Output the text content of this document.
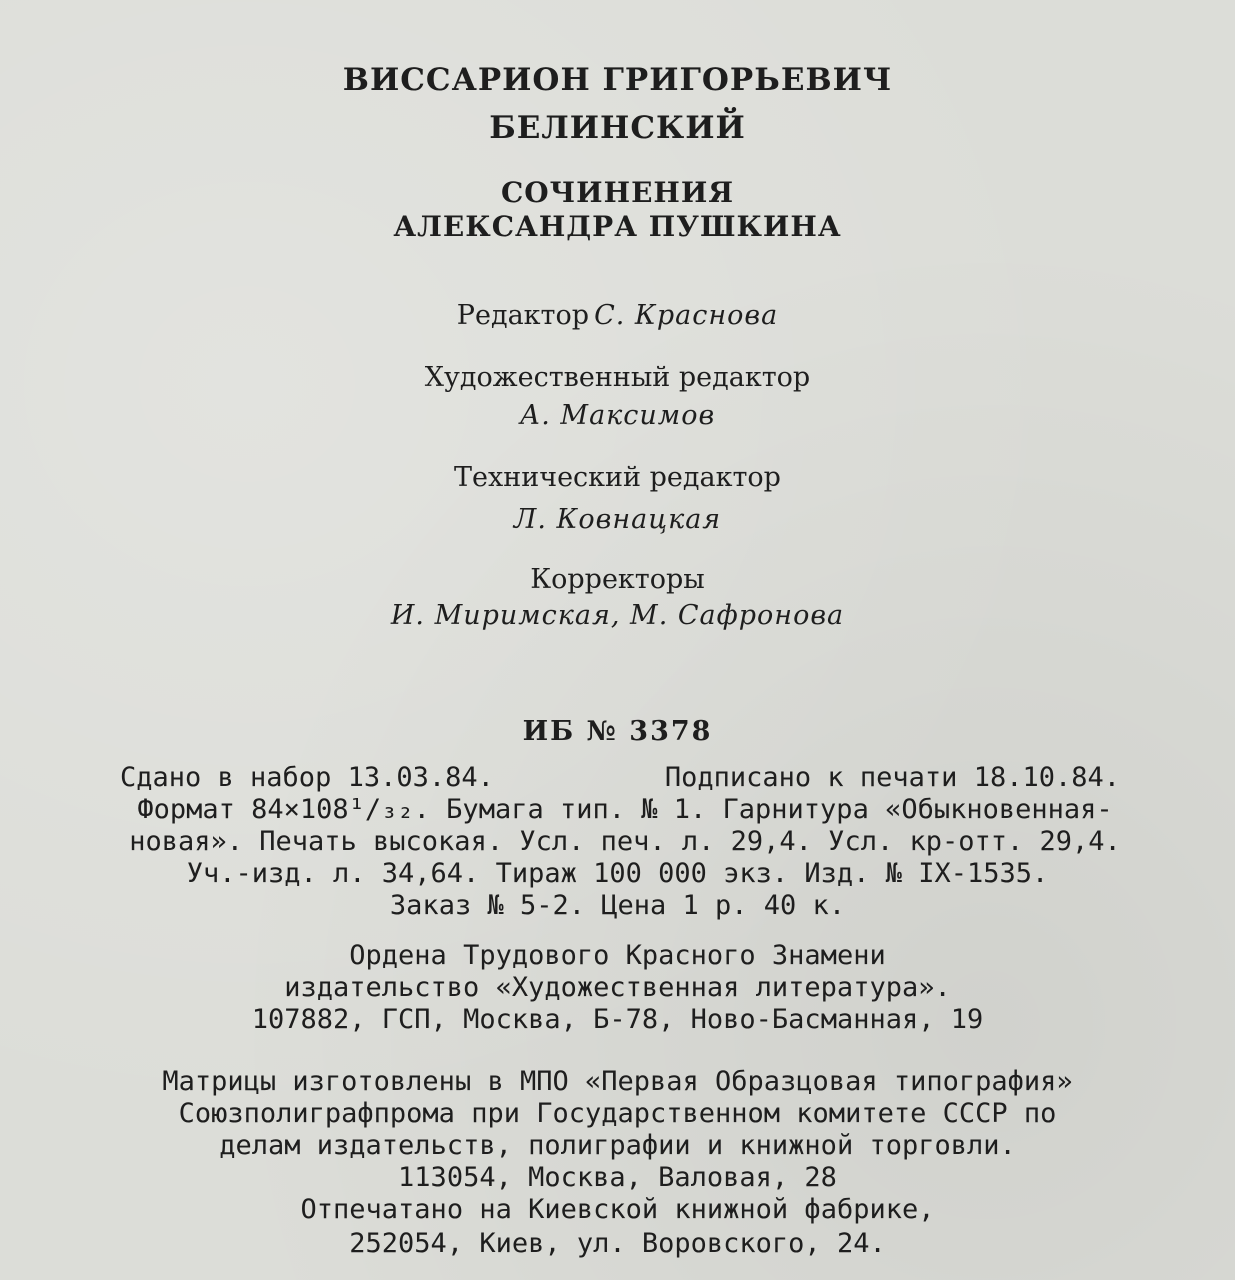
ВИССАРИОН ГРИГОРЬЕВИЧ
БЕЛИНСКИЙ
СОЧИНЕНИЯ
АЛЕКСАНДРА ПУШКИНА
Редактор С. Краснова
Художественный редактор
А. Максимов
Технический редактор
Л. Ковнацкая
Корректоры
И. Миримская, М. Сафронова
ИБ № 3378
Сдано в набор 13.03.84.	Подписано к печати 18.10.84.
Формат 84×108¹/₃₂. Бумага тип. № 1. Гарнитура «Обыкновенная-
новая». Печать высокая. Усл. печ. л. 29,4. Усл. кр-отт. 29,4.
Уч.-изд. л. 34,64. Тираж 100 000 экз. Изд. № IX-1535.
Заказ № 5-2. Цена 1 р. 40 к.
Ордена Трудового Красного Знамени
издательство «Художественная литература».
107882, ГСП, Москва, Б-78, Ново-Басманная, 19
Матрицы изготовлены в МПО «Первая Образцовая типография»
Союзполиграфпрома при Государственном комитете СССР по
делам издательств, полиграфии и книжной торговли.
113054, Москва, Валовая, 28
Отпечатано на Киевской книжной фабрике,
252054, Киев, ул. Воровского, 24.
